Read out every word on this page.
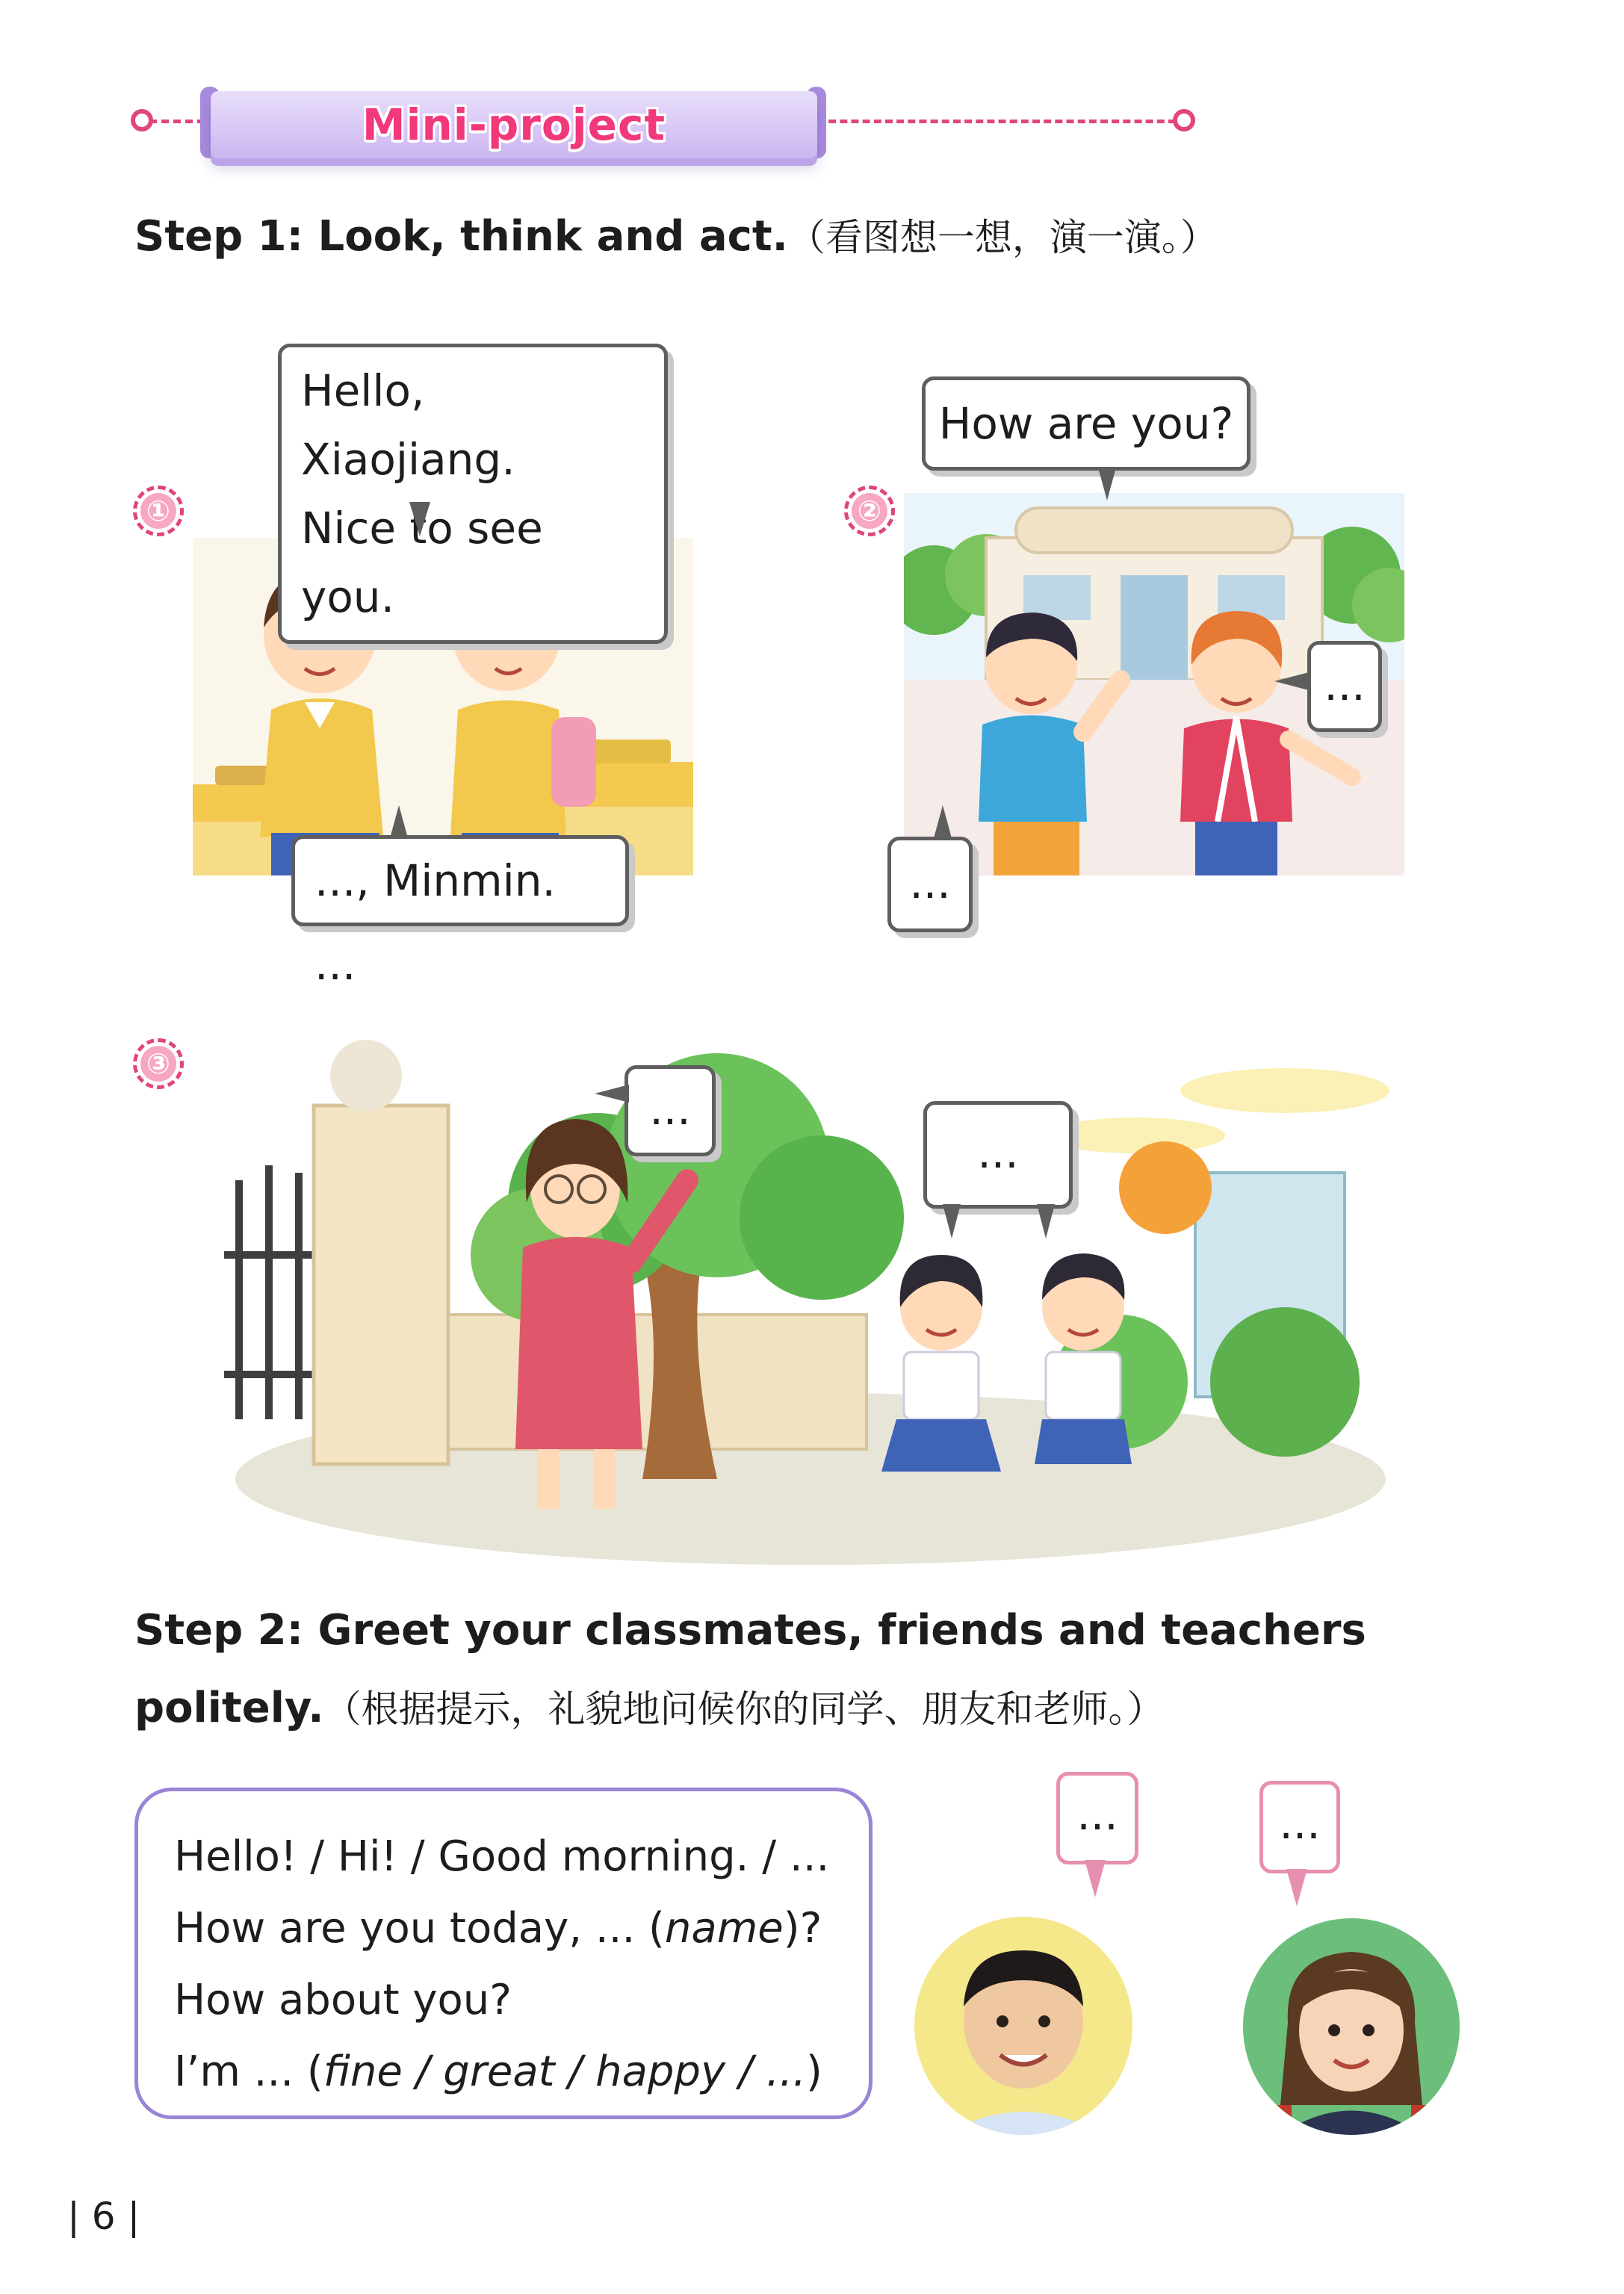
Mini-project
Step 1: Look, think and act.（看图想一想，演一演。）
①
Hello, Xiaojiang.
Nice to see you.
..., Minmin. ...
②
How are you?
...
...
③
...
...
Step 2: Greet your classmates, friends and teachers
politely.（根据提示，礼貌地问候你的同学、朋友和老师。）
Hello! / Hi! / Good morning. / ...
How are you today, ... (name)?
How about you?
I’m ... (fine / great / happy / ...)
...	...
| 6 |
